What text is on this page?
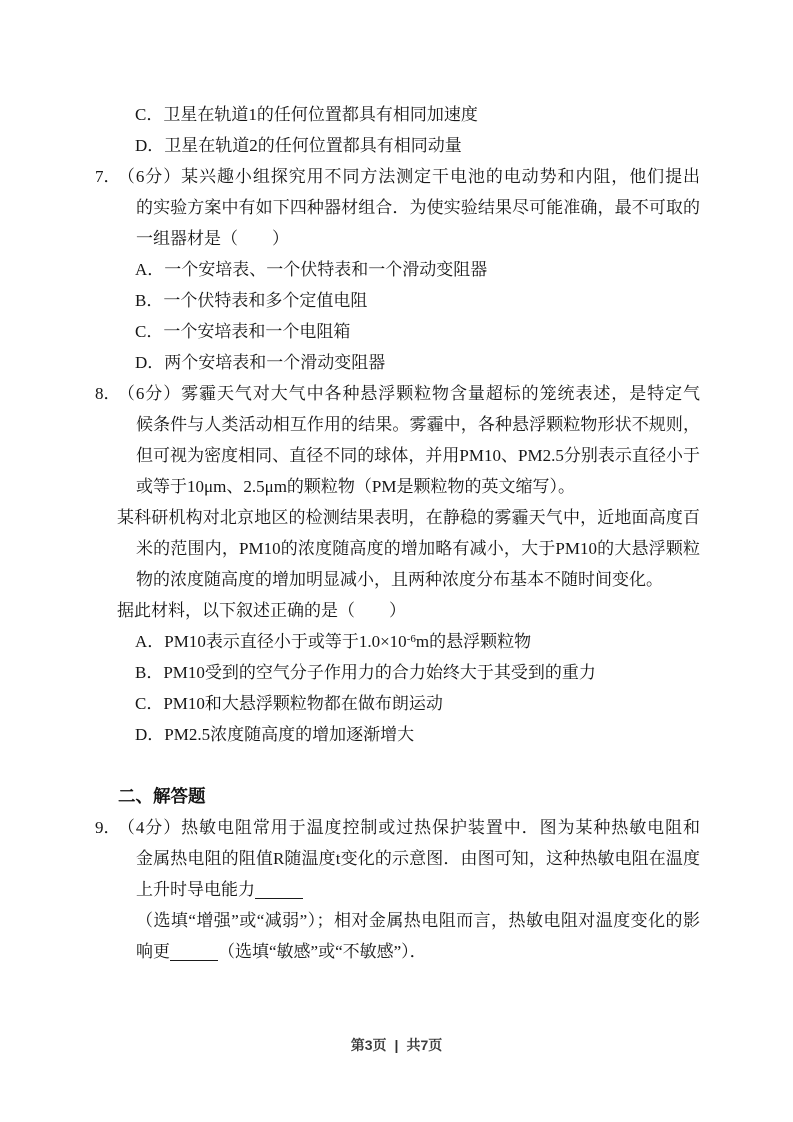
C．卫星在轨道1的任何位置都具有相同加速度
D．卫星在轨道2的任何位置都具有相同动量
7．（6分）某兴趣小组探究用不同方法测定干电池的电动势和内阻，他们提出
的实验方案中有如下四种器材组合．为使实验结果尽可能准确，最不可取的
一组器材是（　　）
A．一个安培表、一个伏特表和一个滑动变阻器
B．一个伏特表和多个定值电阻
C．一个安培表和一个电阻箱
D．两个安培表和一个滑动变阻器
8．（6分）雾霾天气对大气中各种悬浮颗粒物含量超标的笼统表述，是特定气
候条件与人类活动相互作用的结果。雾霾中，各种悬浮颗粒物形状不规则，
但可视为密度相同、直径不同的球体，并用PM10、PM2.5分别表示直径小于
或等于10μm、2.5μm的颗粒物（PM是颗粒物的英文缩写）。
某科研机构对北京地区的检测结果表明，在静稳的雾霾天气中，近地面高度百
米的范围内，PM10的浓度随高度的增加略有减小，大于PM10的大悬浮颗粒
物的浓度随高度的增加明显减小，且两种浓度分布基本不随时间变化。
据此材料，以下叙述正确的是（　　）
A．PM10表示直径小于或等于$1.0\times 10^{-6}m$的悬浮颗粒物
B．PM10受到的空气分子作用力的合力始终大于其受到的重力
C．PM10和大悬浮颗粒物都在做布朗运动
D．PM2.5浓度随高度的增加逐渐增大
二、解答题
9．（4分）热敏电阻常用于温度控制或过热保护装置中．图为某种热敏电阻和
金属热电阻的阻值R随温度t变化的示意图．由图可知，这种热敏电阻在温度
上升时导电能力
（选填“增强”或“减弱”）；相对金属热电阻而言，热敏电阻对温度变化的影
响更	（选填“敏感”或“不敏感”）．
第3页 | 共7页
